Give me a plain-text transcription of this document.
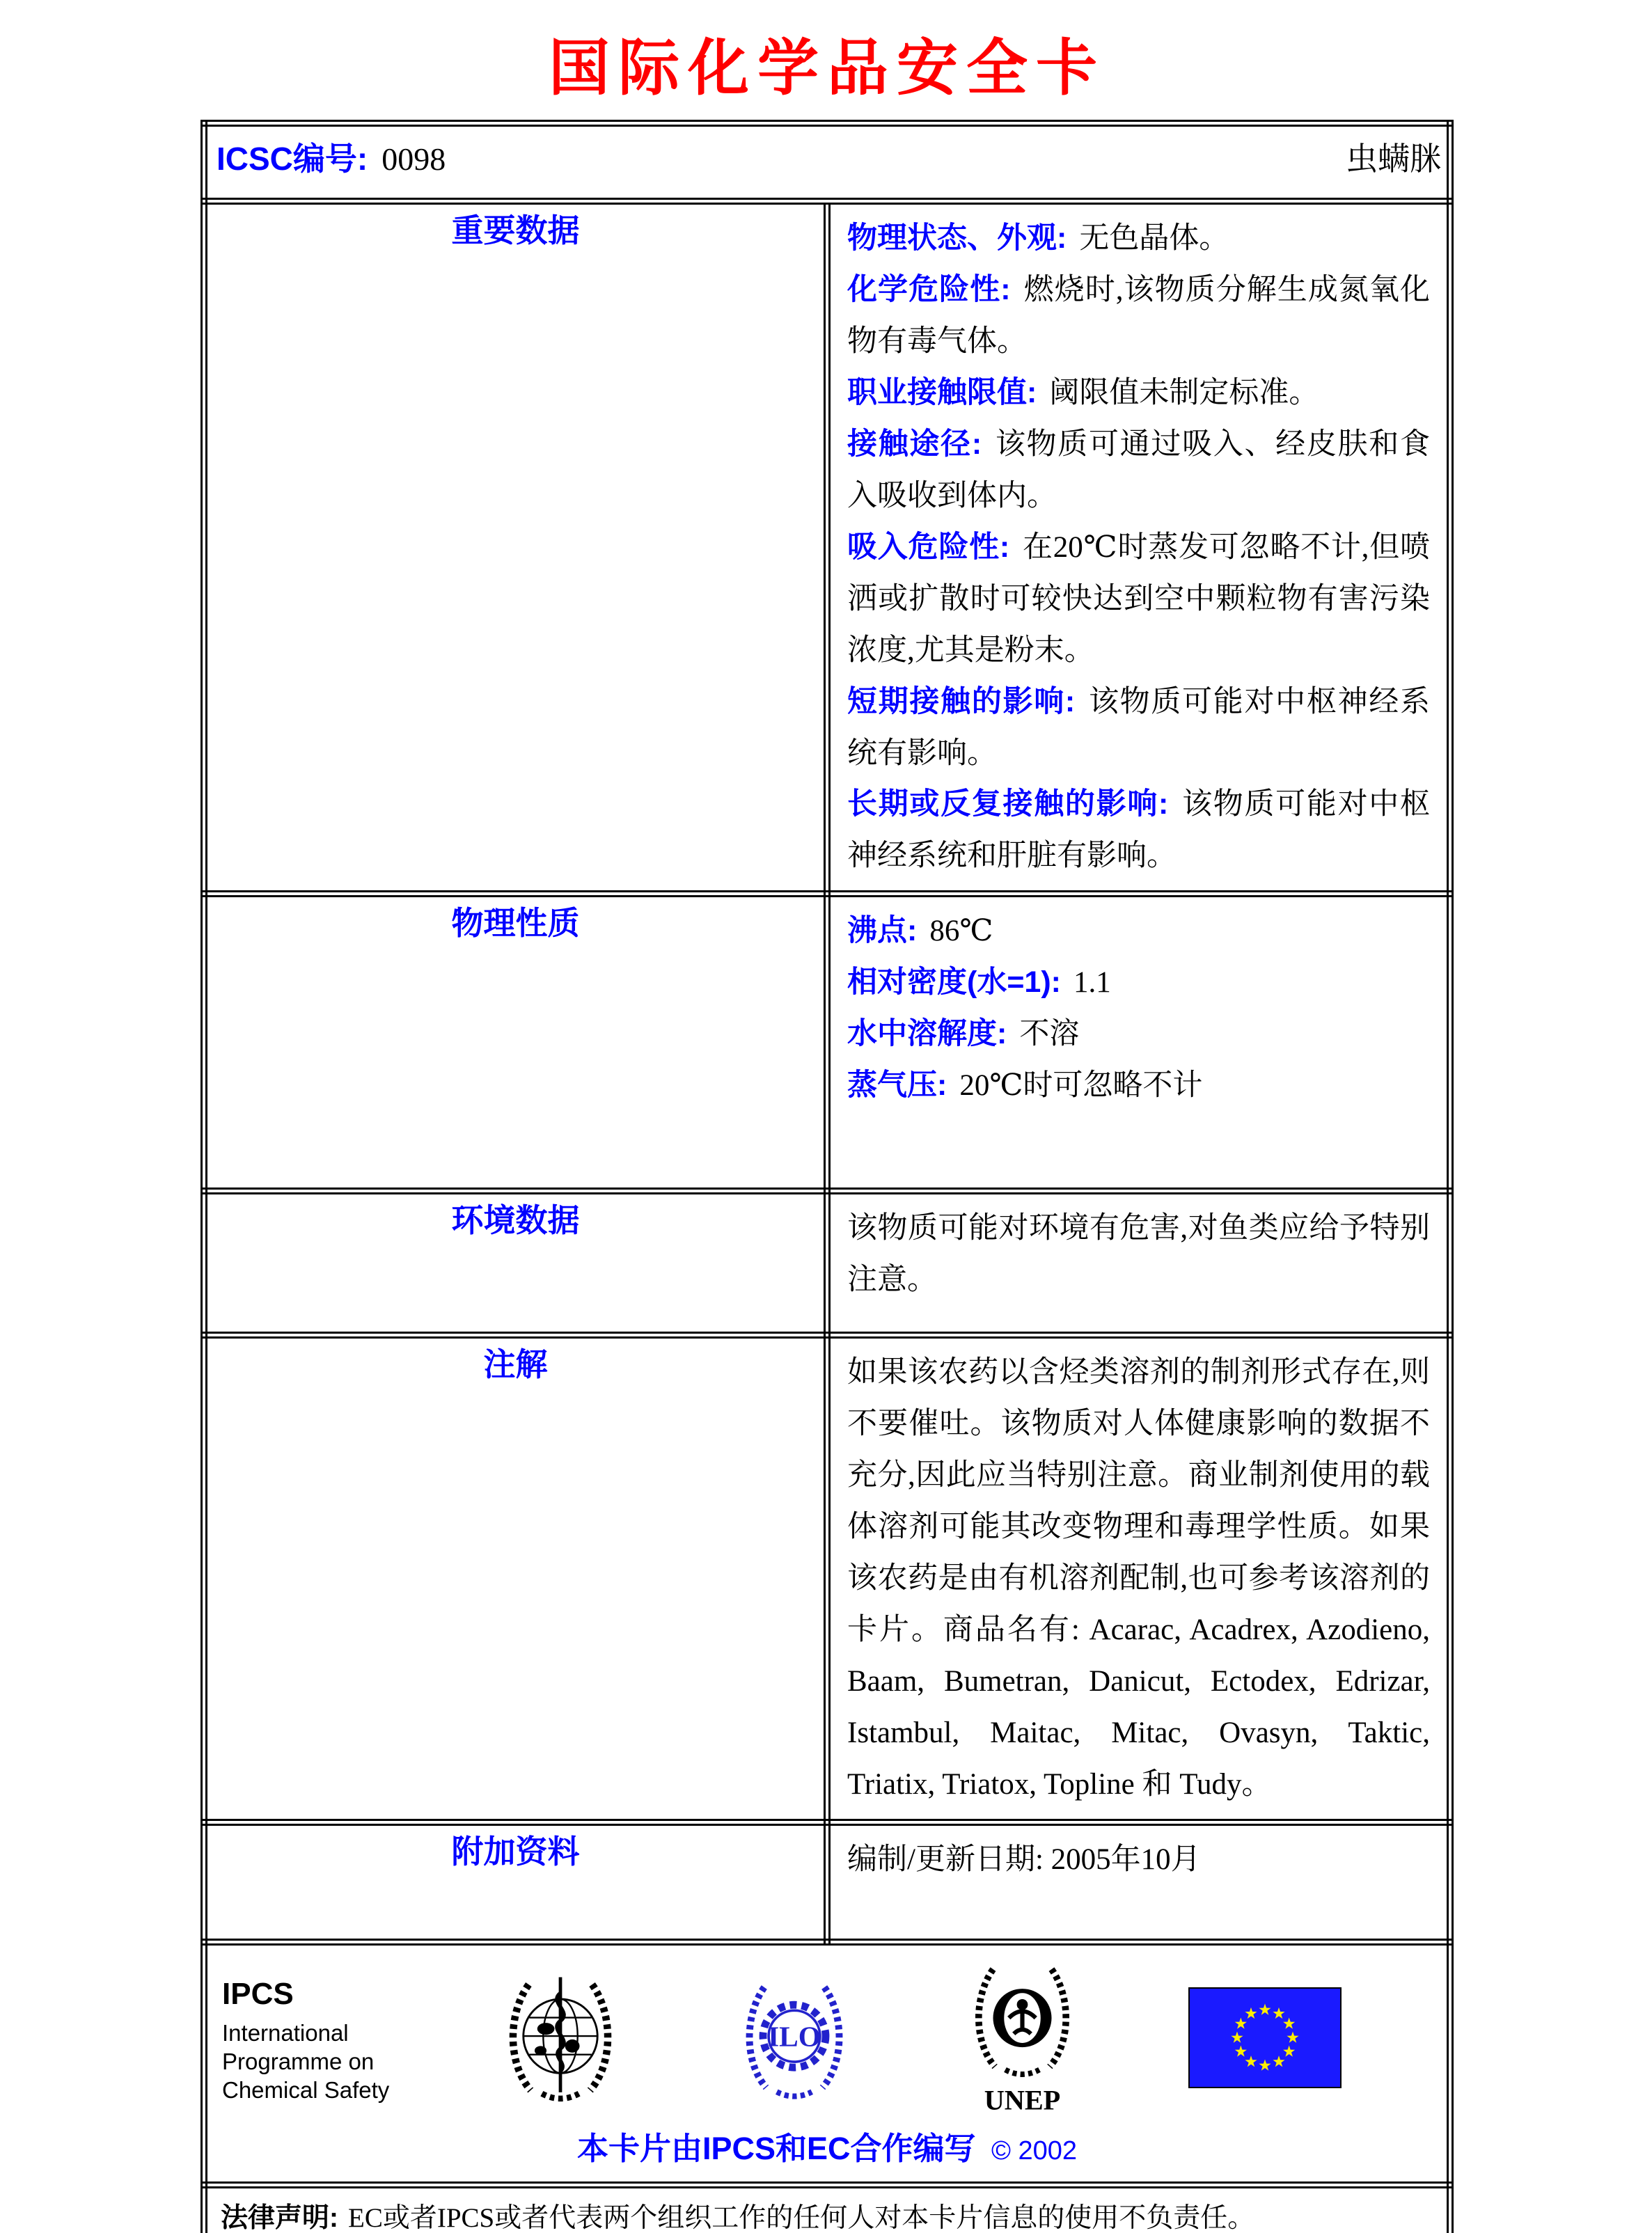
国际化学品安全卡
ICSC编号: 0098 虫螨脒	

重要数据	物理状态、外观: 无色晶体。
化学危险性: 燃烧时,该物质分解生成氮氧化物有毒气体。
职业接触限值: 阈限值未制定标准。
接触途径: 该物质可通过吸入、经皮肤和食入吸收到体内。
吸入危险性: 在20℃时蒸发可忽略不计,但喷洒或扩散时可较快达到空中颗粒物有害污染浓度,尤其是粉末。
短期接触的影响: 该物质可能对中枢神经系统有影响。
长期或反复接触的影响: 该物质可能对中枢神经系统和肝脏有影响。

物理性质	沸点: 86℃
相对密度(水=1): 1.1
水中溶解度: 不溶
蒸气压: 20℃时可忽略不计

环境数据	该物质可能对环境有危害,对鱼类应给予特别注意。

注解	如果该农药以含烃类溶剂的制剂形式存在,则不要催吐。该物质对人体健康影响的数据不充分,因此应当特别注意。商业制剂使用的载体溶剂可能其改变物理和毒理学性质。如果该农药是由有机溶剂配制,也可参考该溶剂的卡片。商品名有: Acarac, Acadrex, Azodieno, Baam, Bumetran, Danicut, Ectodex, Edrizar, Istambul, Maitac, Mitac, Ovasyn, Taktic, Triatix, Triatox, Topline 和 Tudy。

附加资料	编制/更新日期: 2005年10月

IPCS
International
Programme on
Chemical Safety
ILO
UNEP
本卡片由IPCS和EC合作编写 © 2002

法律声明: EC或者IPCS或者代表两个组织工作的任何人对本卡片信息的使用不负责任。	
